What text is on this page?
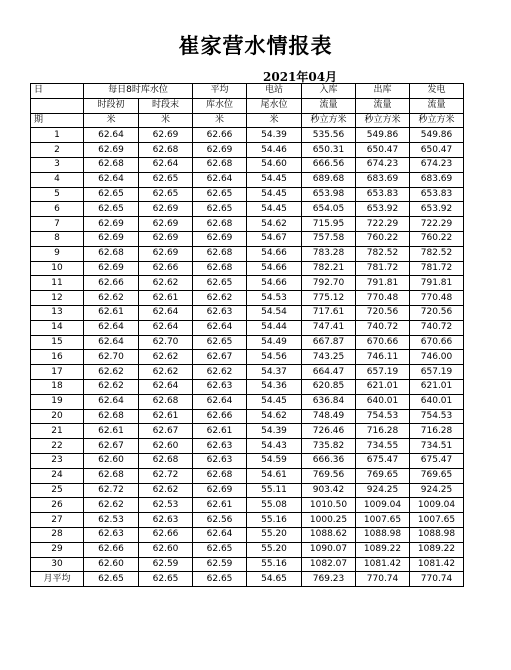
崔家营水情报表
2021年04月
日	每日8时库水位		平均	电站	入库	出库	发电
	时段初	时段末	库水位	尾水位	流量	流量	流量
期	米	米	米	米	秒立方米	秒立方米	秒立方米
1	62.64	62.69	62.66	54.39	535.56	549.86	549.86
2	62.69	62.68	62.69	54.46	650.31	650.47	650.47
3	62.68	62.64	62.68	54.60	666.56	674.23	674.23
4	62.64	62.65	62.64	54.45	689.68	683.69	683.69
5	62.65	62.65	62.65	54.45	653.98	653.83	653.83
6	62.65	62.69	62.65	54.45	654.05	653.92	653.92
7	62.69	62.69	62.68	54.62	715.95	722.29	722.29
8	62.69	62.69	62.69	54.67	757.58	760.22	760.22
9	62.68	62.69	62.68	54.66	783.28	782.52	782.52
10	62.69	62.66	62.68	54.66	782.21	781.72	781.72
11	62.66	62.62	62.65	54.66	792.70	791.81	791.81
12	62.62	62.61	62.62	54.53	775.12	770.48	770.48
13	62.61	62.64	62.63	54.54	717.61	720.56	720.56
14	62.64	62.64	62.64	54.44	747.41	740.72	740.72
15	62.64	62.70	62.65	54.49	667.87	670.66	670.66
16	62.70	62.62	62.67	54.56	743.25	746.11	746.00
17	62.62	62.62	62.62	54.37	664.47	657.19	657.19
18	62.62	62.64	62.63	54.36	620.85	621.01	621.01
19	62.64	62.68	62.64	54.45	636.84	640.01	640.01
20	62.68	62.61	62.66	54.62	748.49	754.53	754.53
21	62.61	62.67	62.61	54.39	726.46	716.28	716.28
22	62.67	62.60	62.63	54.43	735.82	734.55	734.51
23	62.60	62.68	62.63	54.59	666.36	675.47	675.47
24	62.68	62.72	62.68	54.61	769.56	769.65	769.65
25	62.72	62.62	62.69	55.11	903.42	924.25	924.25
26	62.62	62.53	62.61	55.08	1010.50	1009.04	1009.04
27	62.53	62.63	62.56	55.16	1000.25	1007.65	1007.65
28	62.63	62.66	62.64	55.20	1088.62	1088.98	1088.98
29	62.66	62.60	62.65	55.20	1090.07	1089.22	1089.22
30	62.60	62.59	62.59	55.16	1082.07	1081.42	1081.42
月平均	62.65	62.65	62.65	54.65	769.23	770.74	770.74
